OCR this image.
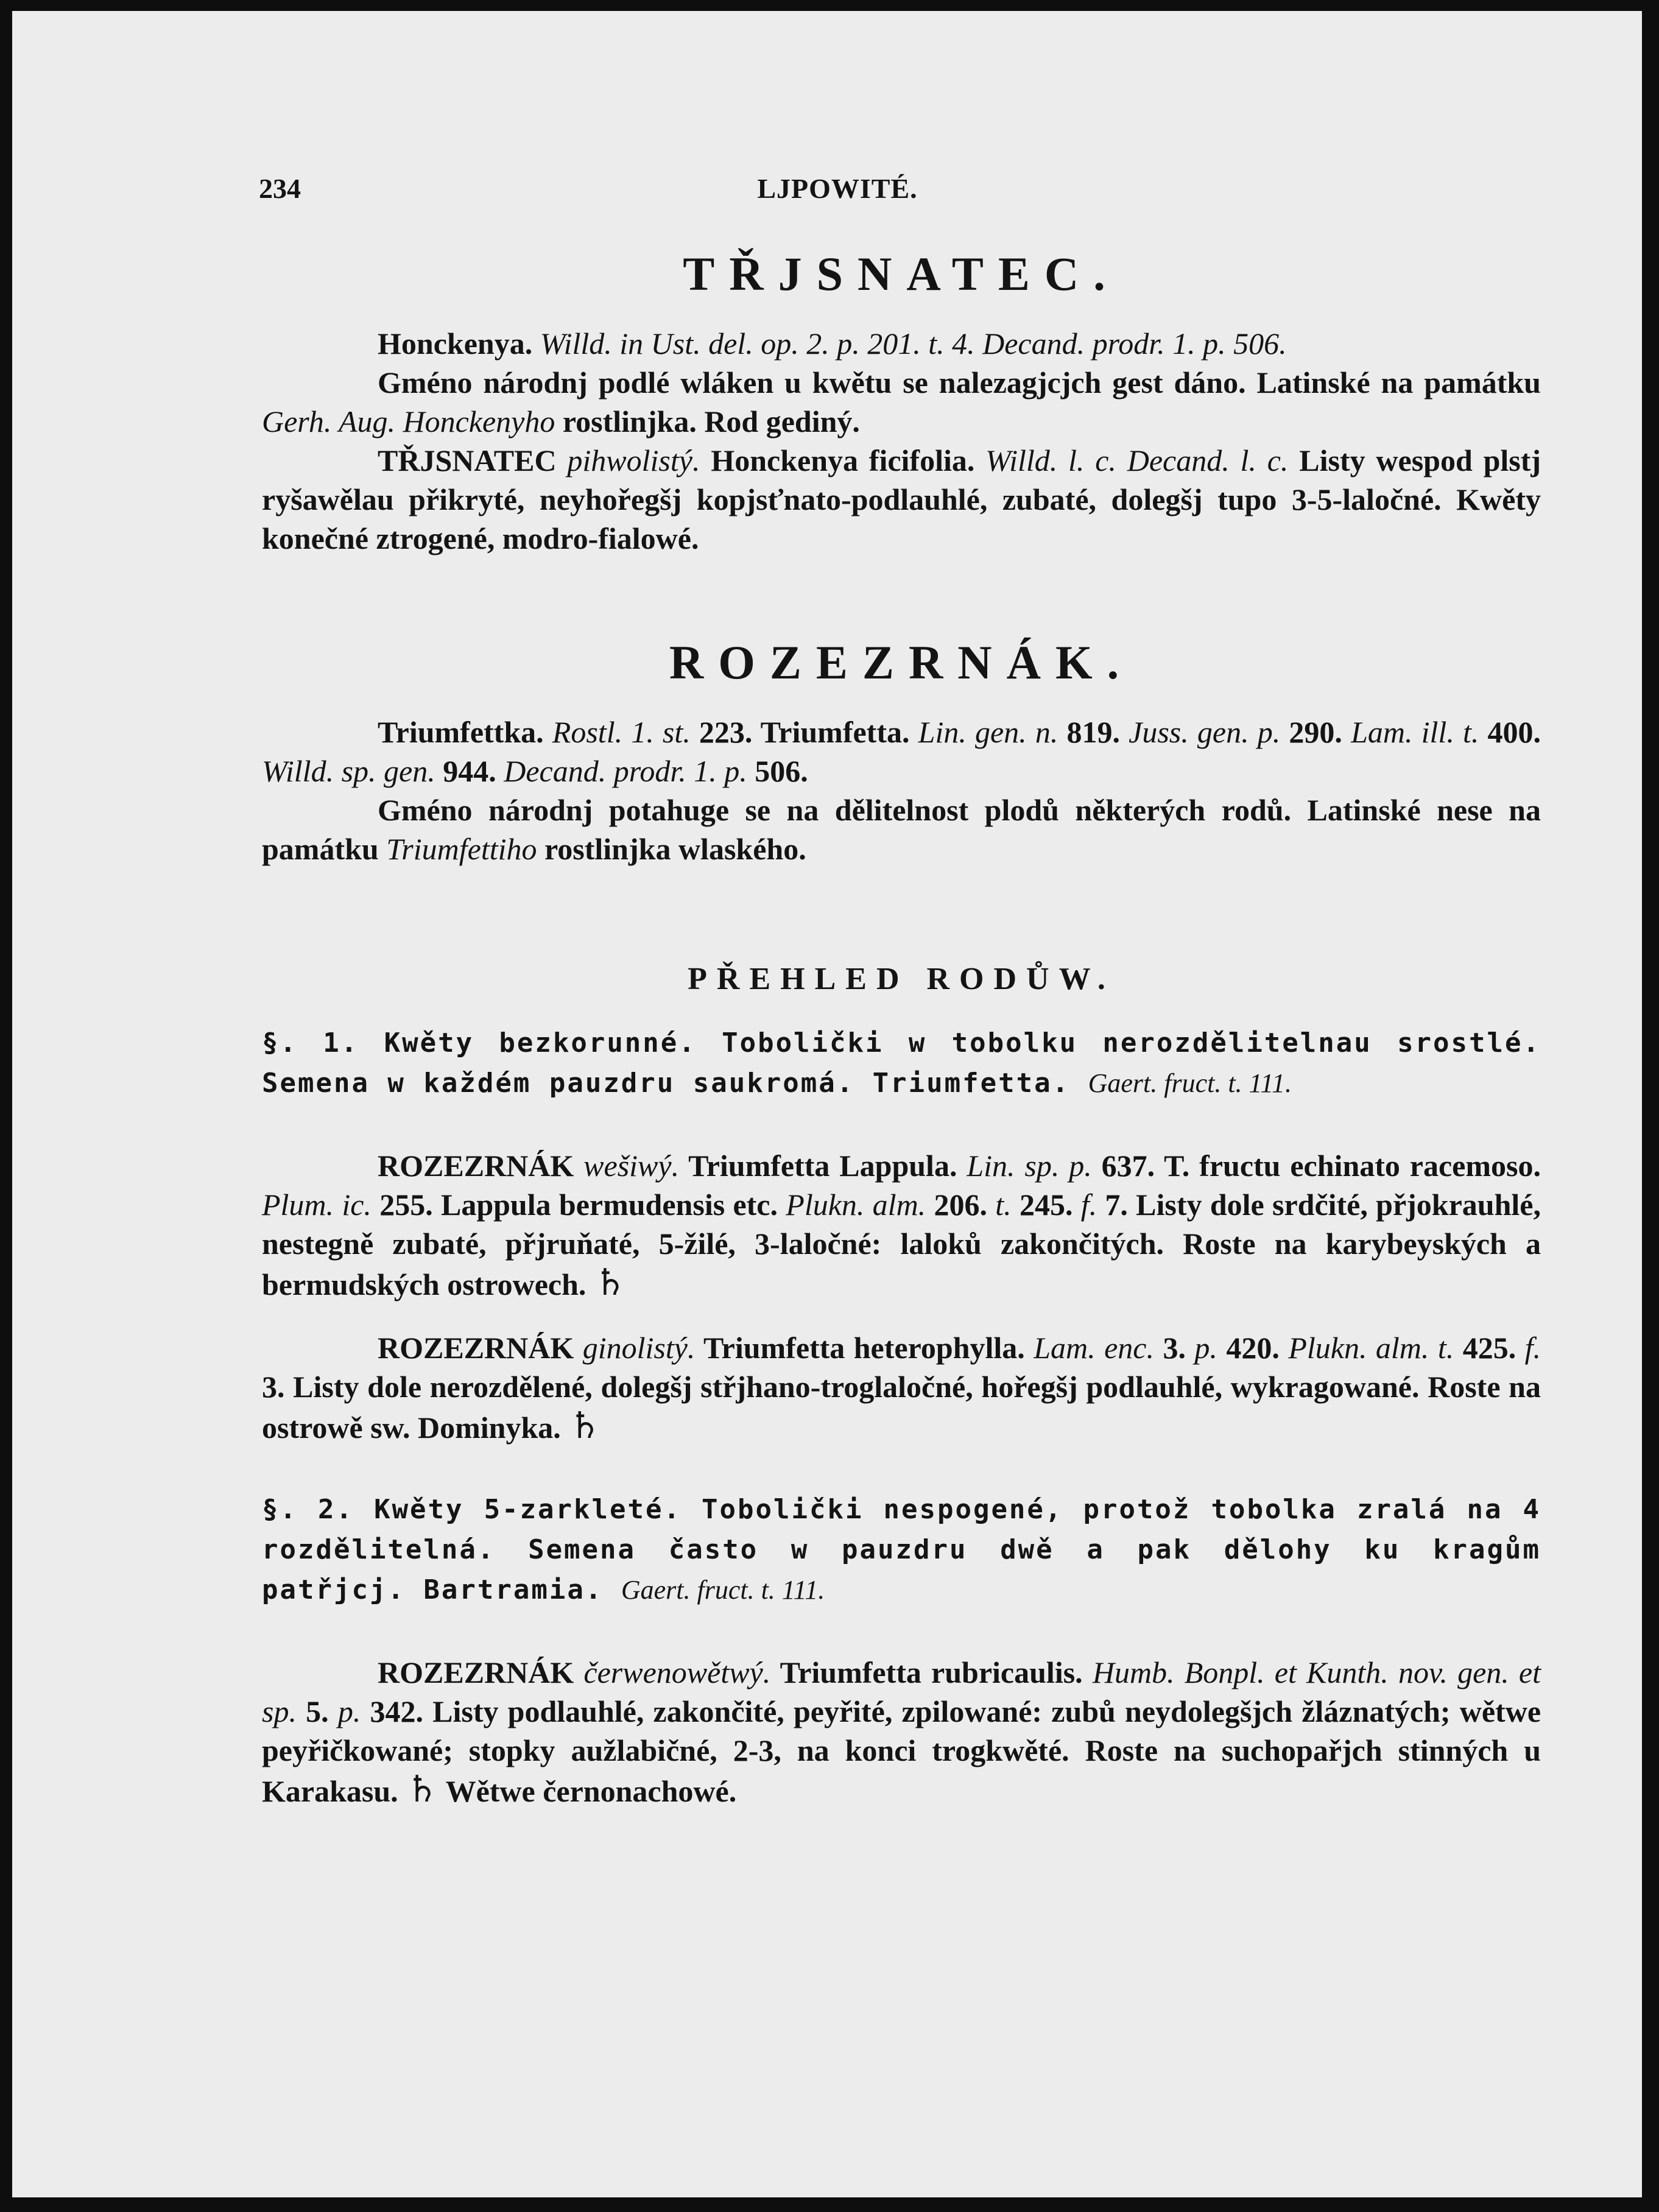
234	LJPOWITÉ.
TŘJSNATEC.

Honckenya. Willd. in Ust. del. op. 2. p. 201. t. 4. Decand. prodr. 1. p. 506.

Gméno národnj podlé wláken u kwětu se nalezagjcjch gest dáno. Latinské na památku Gerh. Aug. Honckenyho rostlinjka. Rod gediný.

TŘJSNATEC pihwolistý. Honckenya ficifolia. Willd. l. c. Decand. l. c. Listy wespod plstj ryšawělau přikryté, neyhořegšj kopjsťnato-podlauhlé, zubaté, dolegšj tupo 3-5-laločné. Kwěty konečné ztrogené, modro-fialowé.

ROZEZRNÁK.

Triumfettka. Rostl. 1. st. 223. Triumfetta. Lin. gen. n. 819. Juss. gen. p. 290. Lam. ill. t. 400. Willd. sp. gen. 944. Decand. prodr. 1. p. 506.

Gméno národnj potahuge se na dělitelnost plodů některých rodů. Latinské nese na památku Triumfettiho rostlinjka wlaského.

PŘEHLED RODŮW.

§. 1. Kwěty bezkorunné. Tobolički w tobolku nerozdělitelnau srostlé. Semena w každém pauzdru saukromá. Triumfetta. Gaert. fruct. t. 111.

ROZEZRNÁK wešiwý. Triumfetta Lappula. Lin. sp. p. 637. T. fructu echinato racemoso. Plum. ic. 255. Lappula bermudensis etc. Plukn. alm. 206. t. 245. f. 7. Listy dole srdčité, přjokrauhlé, nestegně zubaté, přjruňaté, 5-žilé, 3-laločné: laloků zakončitých. Roste na karybeyských a bermudských ostrowech. ♄

ROZEZRNÁK ginolistý. Triumfetta heterophylla. Lam. enc. 3. p. 420. Plukn. alm. t. 425. f. 3. Listy dole nerozdělené, dolegšj střjhano-troglaločné, hořegšj podlauhlé, wykragowané. Roste na ostrowě sw. Dominyka. ♄

§. 2. Kwěty 5-zarkleté. Tobolički nespogené, protož tobolka zralá na 4 rozdělitelná. Semena často w pauzdru dwě a pak dělohy ku kragům patřjcj. Bartramia. Gaert. fruct. t. 111.

ROZEZRNÁK čerwenowětwý. Triumfetta rubricaulis. Humb. Bonpl. et Kunth. nov. gen. et sp. 5. p. 342. Listy podlauhlé, zakončité, peyřité, zpilowané: zubů neydolegšjch žláznatých; wětwe peyřičkowané; stopky aužlabičné, 2-3, na konci trogkwěté. Roste na suchopařjch stinných u Karakasu. ♄ Wětwe černonachowé.
